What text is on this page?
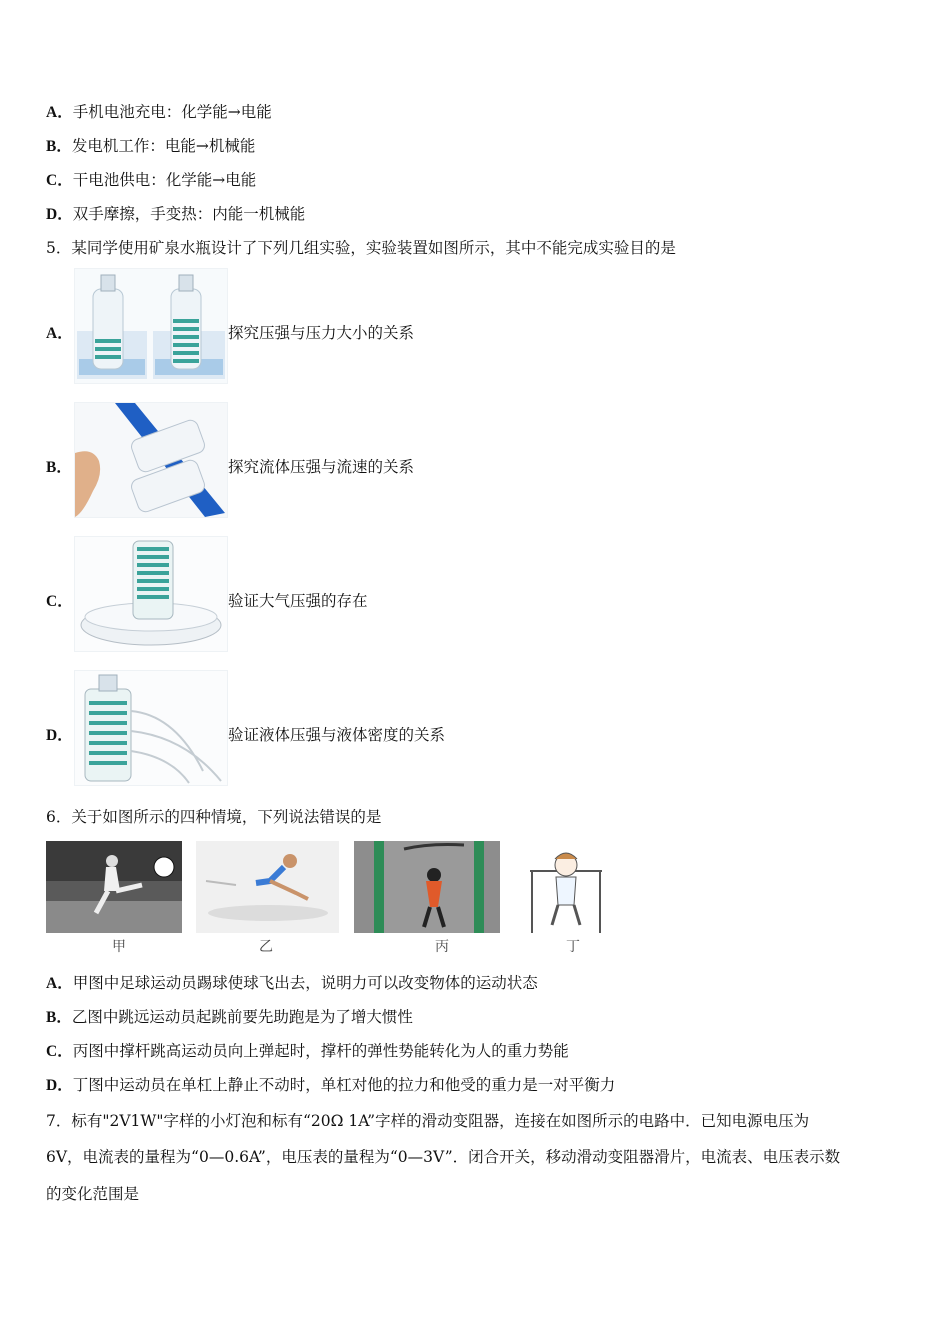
A．手机电池充电：化学能→电能
B．发电机工作：电能→机械能
C．干电池供电：化学能→电能
D．双手摩擦，手变热：内能一机械能
5．某同学使用矿泉水瓶设计了下列几组实验，实验装置如图所示，其中不能完成实验目的是
A．	探究压强与压力大小的关系
B．	探究流体压强与流速的关系
C．	验证大气压强的存在
D．	验证液体压强与液体密度的关系
6．关于如图所示的四种情境，下列说法错误的是
甲	乙	丙	丁
A．甲图中足球运动员踢球使球飞出去，说明力可以改变物体的运动状态
B．乙图中跳远运动员起跳前要先助跑是为了增大惯性
C．丙图中撑杆跳高运动员向上弹起时，撑杆的弹性势能转化为人的重力势能
D．丁图中运动员在单杠上静止不动时，单杠对他的拉力和他受的重力是一对平衡力
7．标有"2V1W"字样的小灯泡和标有“20Ω 1A”字样的滑动变阻器，连接在如图所示的电路中．已知电源电压为
6V，电流表的量程为“0—0.6A”，电压表的量程为“0—3V”．闭合开关，移动滑动变阻器滑片，电流表、电压表示数
的变化范围是
